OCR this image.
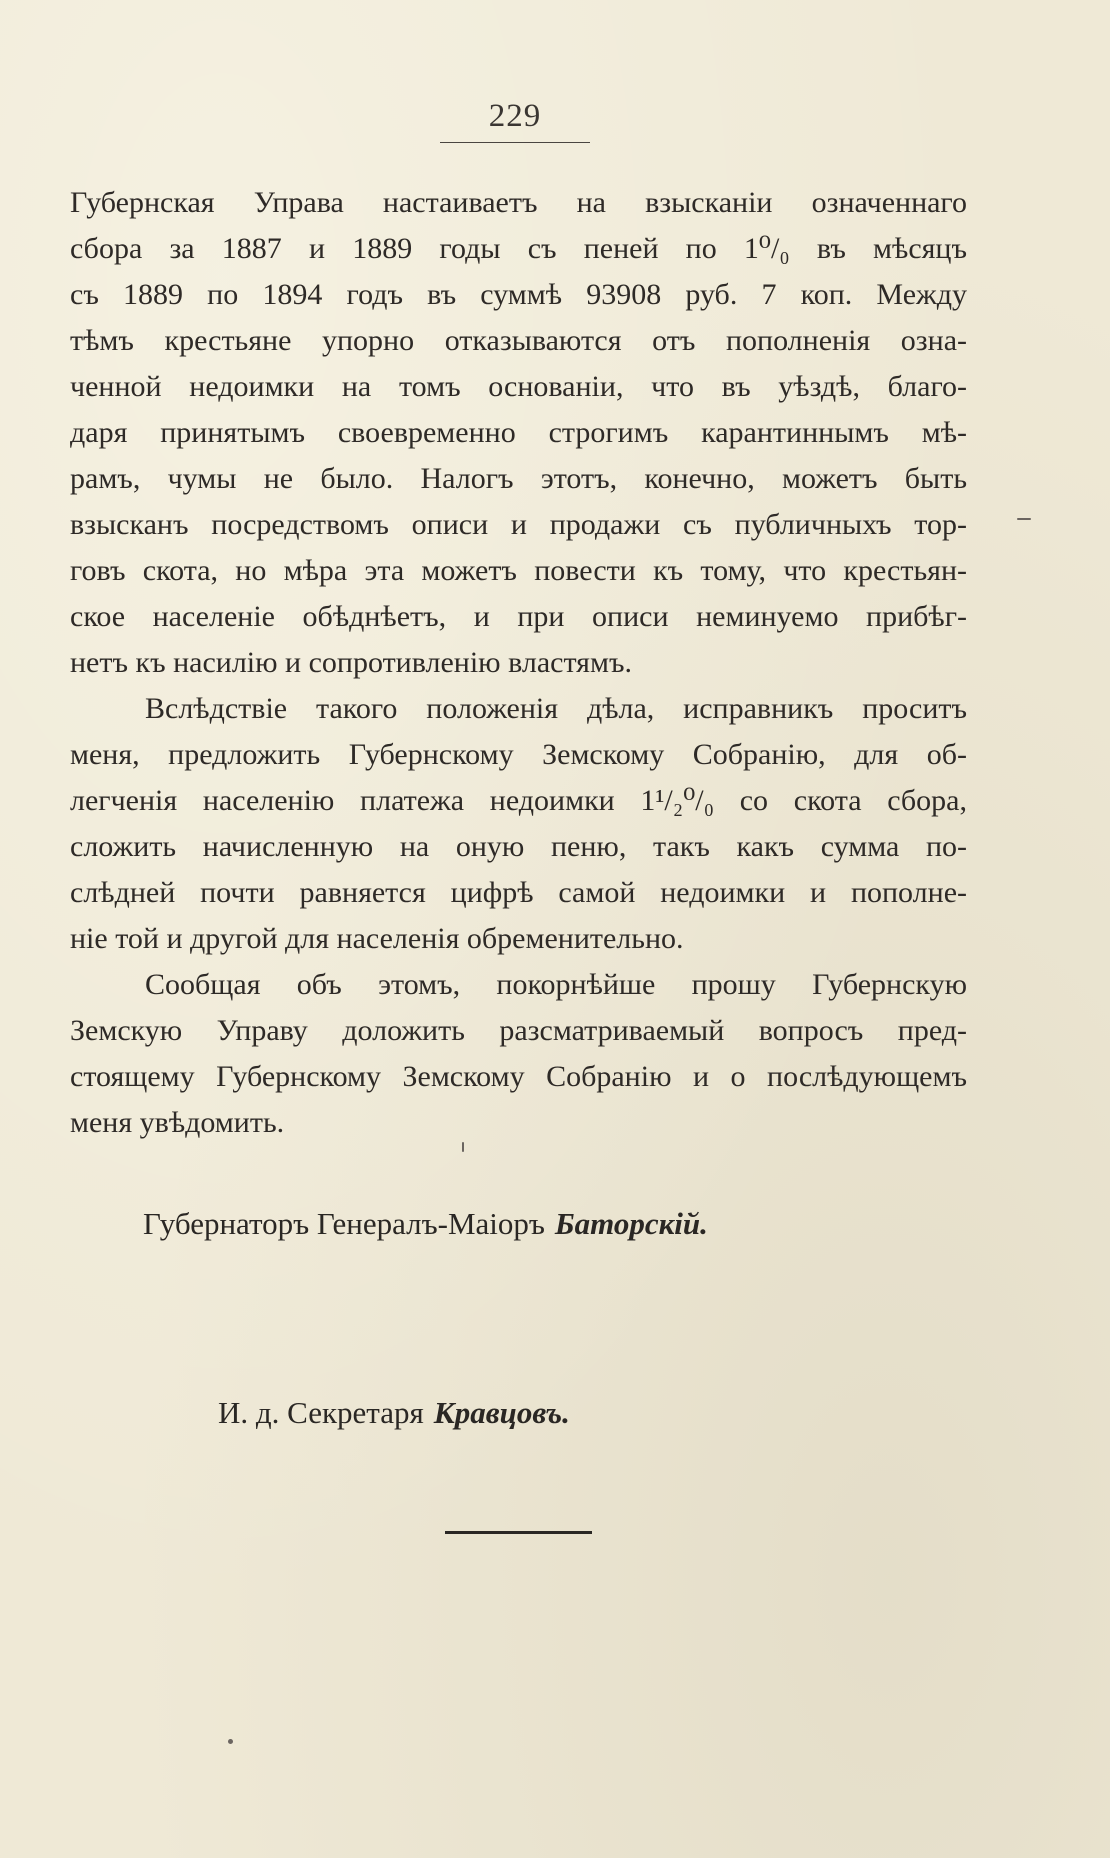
229
Губернская Управа настаиваетъ на взысканіи означеннаго
сбора за 1887 и 1889 годы съ пеней по 1⁰/₀ въ мѣсяцъ
съ 1889 по 1894 годъ въ суммѣ 93908 руб. 7 коп. Между
тѣмъ крестьяне упорно отказываются отъ пополненія озна-
ченной недоимки на томъ основаніи, что въ уѣздѣ, благо-
даря принятымъ своевременно строгимъ карантиннымъ мѣ-
рамъ, чумы не было. Налогъ этотъ, конечно, можетъ быть
взысканъ посредствомъ описи и продажи съ публичныхъ тор-
говъ скота, но мѣра эта можетъ повести къ тому, что крестьян-
ское населеніе обѣднѣетъ, и при описи неминуемо прибѣг-
нетъ къ насилію и сопротивленію властямъ.
Вслѣдствіе такого положенія дѣла, исправникъ проситъ
меня, предложить Губернскому Земскому Собранію, для об-
легченія населенію платежа недоимки 1¹/₂⁰/₀ со скота сбора,
сложить начисленную на оную пеню, такъ какъ сумма по-
слѣдней почти равняется цифрѣ самой недоимки и пополне-
ніе той и другой для населенія обременительно.
Сообщая объ этомъ, покорнѣйше прошу Губернскую
Земскую Управу доложить разсматриваемый вопросъ пред-
стоящему Губернскому Земскому Собранію и о послѣдующемъ
меня увѣдомить.
Губернаторъ Генералъ-Маіоръ Баторскій.
И. д. Секретаря Кравцовъ.
